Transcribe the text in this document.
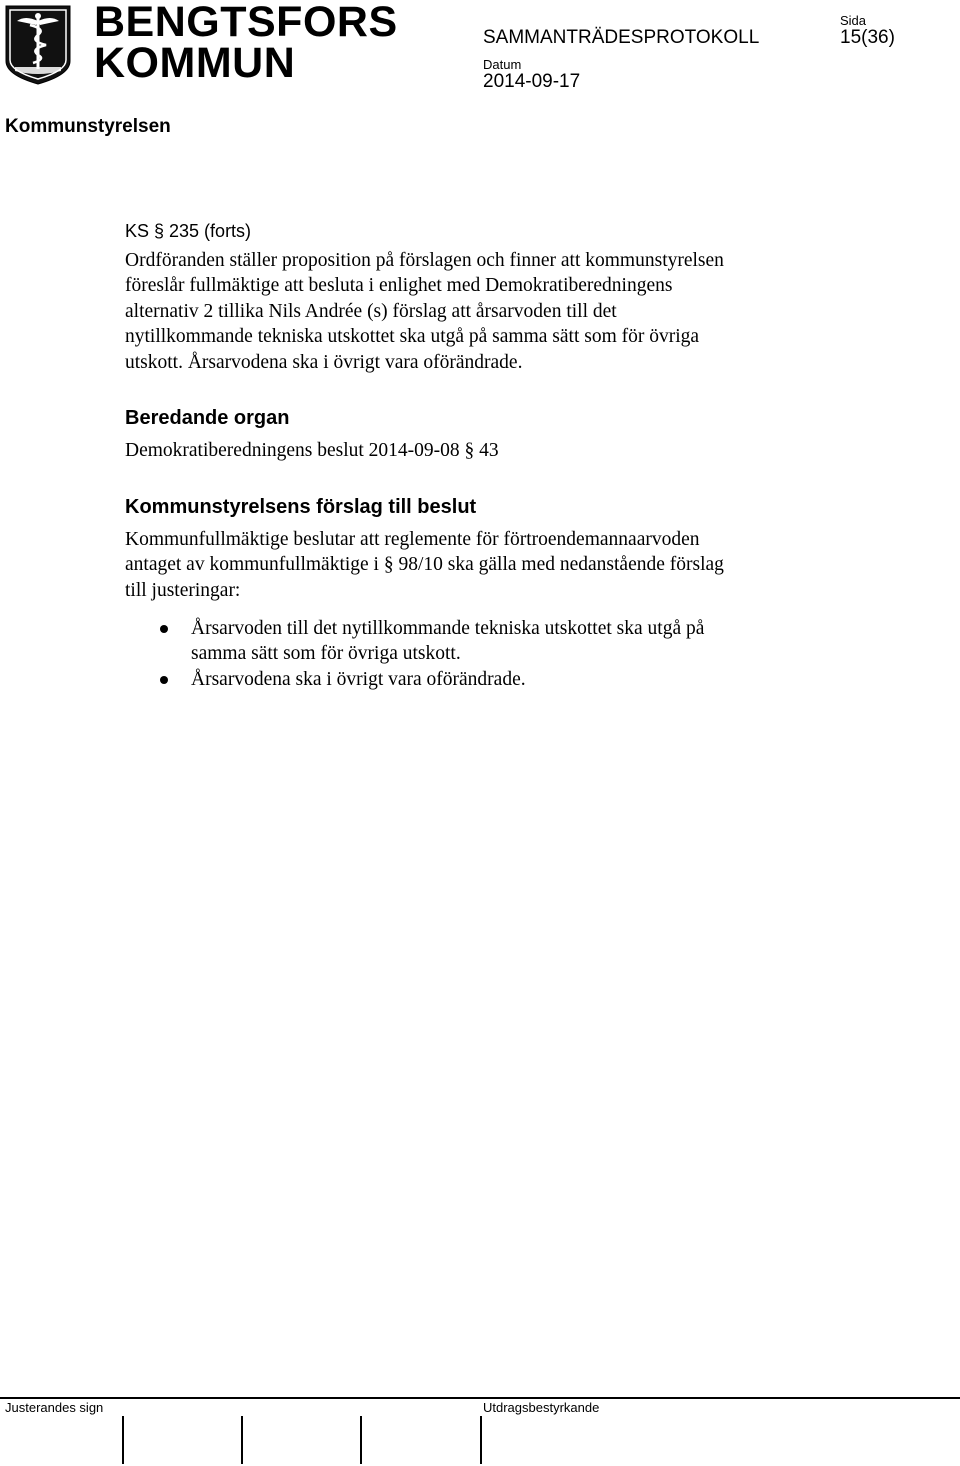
BENGTSFORS
KOMMUN
SAMMANTRÄDESPROTOKOLL
Sida
15(36)
Datum
2014-09-17
Kommunstyrelsen
KS § 235 (forts)
Ordföranden ställer proposition på förslagen och finner att kommunstyrelsen
föreslår fullmäktige att besluta i enlighet med Demokratiberedningens
alternativ 2 tillika Nils Andrée (s) förslag att årsarvoden till det
nytillkommande tekniska utskottet ska utgå på samma sätt som för övriga
utskott. Årsarvodena ska i övrigt vara oförändrade.
Beredande organ
Demokratiberedningens beslut 2014-09-08 § 43
Kommunstyrelsens förslag till beslut
Kommunfullmäktige beslutar att reglemente för förtroendemannaarvoden
antaget av kommunfullmäktige i § 98/10 ska gälla med nedanstående förslag
till justeringar:
Årsarvoden till det nytillkommande tekniska utskottet ska utgå på
samma sätt som för övriga utskott.
Årsarvodena ska i övrigt vara oförändrade.
Justerandes sign	Utdragsbestyrkande
